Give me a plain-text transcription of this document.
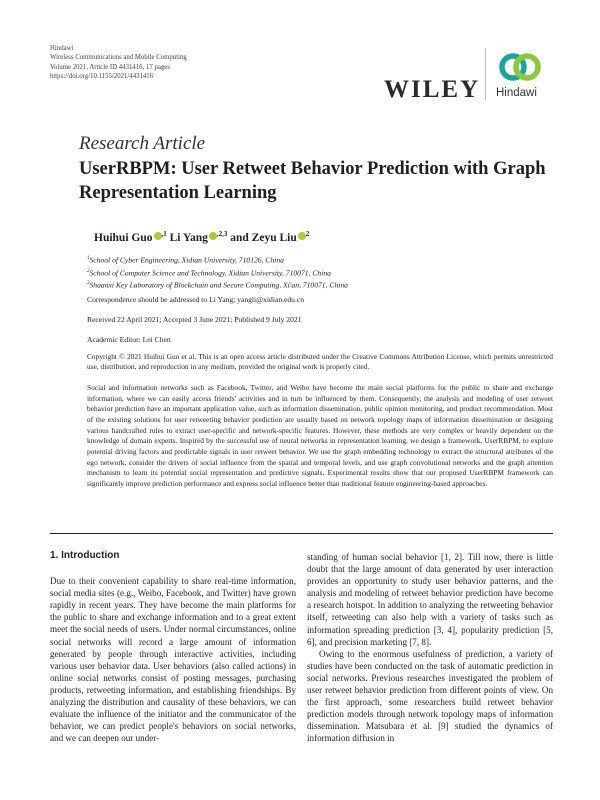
Hindawi
Wireless Communications and Mobile Computing
Volume 2021, Article ID 4431416, 17 pages
https://doi.org/10.1155/2021/4431416	WILEY Hindawi
Research Article
UserRBPM: User Retweet Behavior Prediction with Graph Representation Learning
Huihui Guo $^{,1}$ Li Yang $^{,2,3}$ and Zeyu Liu $^2$
$^1$School of Cyber Engineering, Xidian University, 710126, China
$^2$School of Computer Science and Technology, Xidian University, 710071, China
$^3$Shaanxi Key Laboratory of Blockchain and Secure Computing, Xi'an, 710071, China
Correspondence should be addressed to Li Yang; yangli@xidian.edu.cn
Received 22 April 2021; Accepted 3 June 2021; Published 9 July 2021
Academic Editor: Lei Chen
Copyright © 2021 Huihui Guo et al. This is an open access article distributed under the Creative Commons Attribution License, which permits unrestricted use, distribution, and reproduction in any medium, provided the original work is properly cited.
Social and information networks such as Facebook, Twitter, and Weibo have become the main social platforms for the public to share and exchange information, where we can easily access friends' activities and in turn be influenced by them. Consequently, the analysis and modeling of user retweet behavior prediction have an important application value, such as information dissemination, public opinion monitoring, and product recommendation. Most of the existing solutions for user retweeting behavior prediction are usually based on network topology maps of information dissemination or designing various handcrafted rules to extract user-specific and network-specific features. However, these methods are very complex or heavily dependent on the knowledge of domain experts. Inspired by the successful use of neural networks in representation learning, we design a framework, UserRBPM, to explore potential driving factors and predictable signals in user retweet behavior. We use the graph embedding technology to extract the structural attributes of the ego network, consider the drivers of social influence from the spatial and temporal levels, and use graph convolutional networks and the graph attention mechanism to learn its potential social representation and predictive signals. Experimental results show that our proposed UserRBPM framework can significantly improve prediction performance and express social influence better than traditional feature engineering-based approaches.
1. Introduction

Due to their convenient capability to share real-time information, social media sites (e.g., Weibo, Facebook, and Twitter) have grown rapidly in recent years. They have become the main platforms for the public to share and exchange information and to a great extent meet the social needs of users. Under normal circumstances, online social networks will record a large amount of information generated by people through interactive activities, including various user behavior data. User behaviors (also called actions) in online social networks consist of posting messages, purchasing products, retweeting information, and establishing friendships. By analyzing the distribution and causality of these behaviors, we can evaluate the influence of the initiator and the communicator of the behavior, we can predict people's behaviors on social networks, and we can deepen our under-

standing of human social behavior [1, 2]. Till now, there is little doubt that the large amount of data generated by user interaction provides an opportunity to study user behavior patterns, and the analysis and modeling of retweet behavior prediction have become a research hotspot. In addition to analyzing the retweeting behavior itself, retweeting can also help with a variety of tasks such as information spreading prediction [3, 4], popularity prediction [5, 6], and precision marketing [7, 8].

Owing to the enormous usefulness of prediction, a variety of studies have been conducted on the task of automatic prediction in social networks. Previous researches investigated the problem of user retweet behavior prediction from different points of view. On the first approach, some researchers build retweet behavior prediction models through network topology maps of information dissemination. Matsubara et al. [9] studied the dynamics of information diffusion in
